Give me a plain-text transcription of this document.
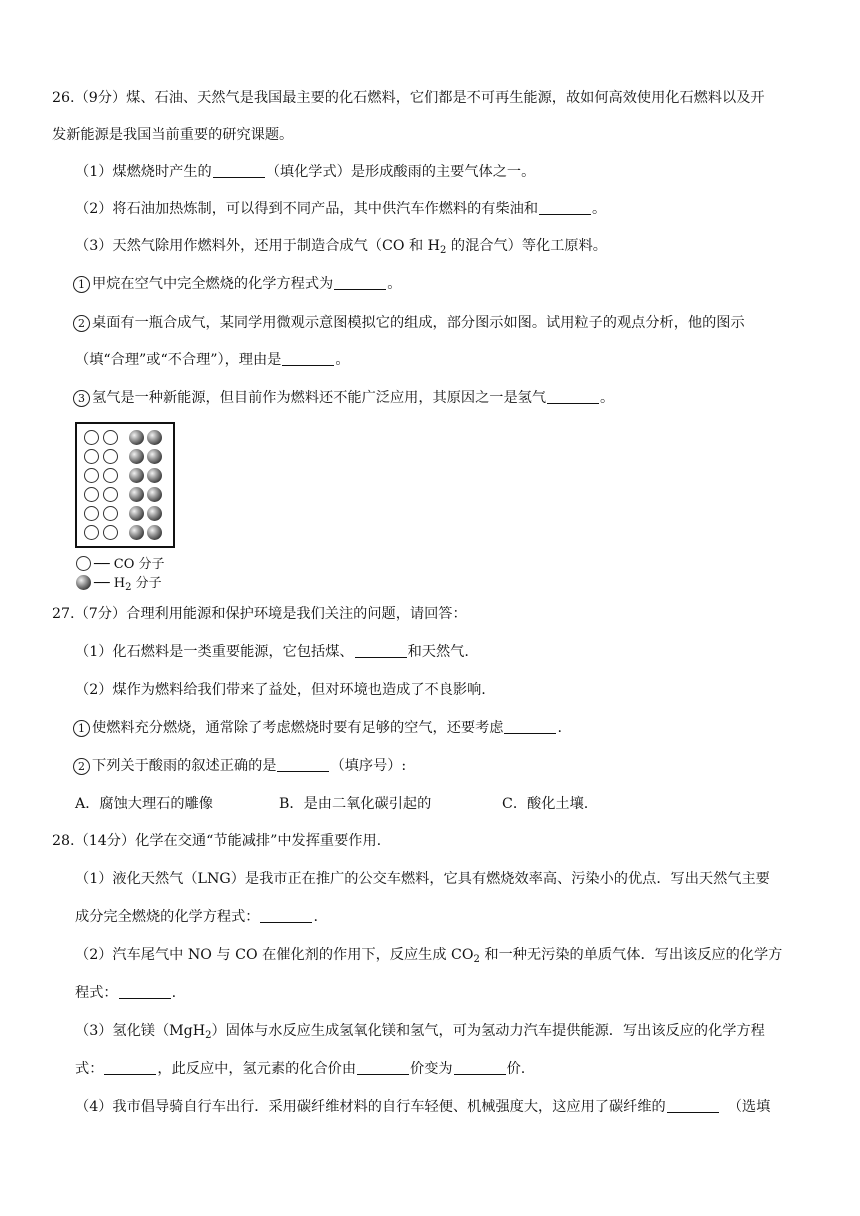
26.（9分）煤、石油、天然气是我国最主要的化石燃料，它们都是不可再生能源，故如何高效使用化石燃料以及开
发新能源是我国当前重要的研究课题。
（1）煤燃烧时产生的	（填化学式）是形成酸雨的主要气体之一。
（2）将石油加热炼制，可以得到不同产品，其中供汽车作燃料的有柴油和	。
（3）天然气除用作燃料外，还用于制造合成气（CO 和 $H_2$ 的混合气）等化工原料。
1 甲烷在空气中完全燃烧的化学方程式为	。
2 桌面有一瓶合成气，某同学用微观示意图模拟它的组成，部分图示如图。试用粒子的观点分析，他的图示
（填“合理”或“不合理”），理由是	。
3 氢气是一种新能源，但目前作为燃料还不能广泛应用，其原因之一是氢气	。
── CO 分子
── $H_2$ 分子
27.（7分）合理利用能源和保护环境是我们关注的问题，请回答：
（1）化石燃料是一类重要能源，它包括煤、	和天然气.
（2）煤作为燃料给我们带来了益处，但对环境也造成了不良影响.
1 使燃料充分燃烧，通常除了考虑燃烧时要有足够的空气，还要考虑	.
2 下列关于酸雨的叙述正确的是	（填序号）:
A．腐蚀大理石的雕像	B．是由二氧化碳引起的	C．酸化土壤.
28.（14分）化学在交通“节能减排”中发挥重要作用.
（1）液化天然气（LNG）是我市正在推广的公交车燃料，它具有燃烧效率高、污染小的优点．写出天然气主要
成分完全燃烧的化学方程式：	.
（2）汽车尾气中 NO 与 CO 在催化剂的作用下，反应生成 $CO_2$ 和一种无污染的单质气体．写出该反应的化学方
程式：	.
（3）氢化镁（MgH$_2$）固体与水反应生成氢氧化镁和氢气，可为氢动力汽车提供能源．写出该反应的化学方程
式：	，此反应中，氢元素的化合价由	价变为	价.
（4）我市倡导骑自行车出行．采用碳纤维材料的自行车轻便、机械强度大，这应用了碳纤维的	（选填
